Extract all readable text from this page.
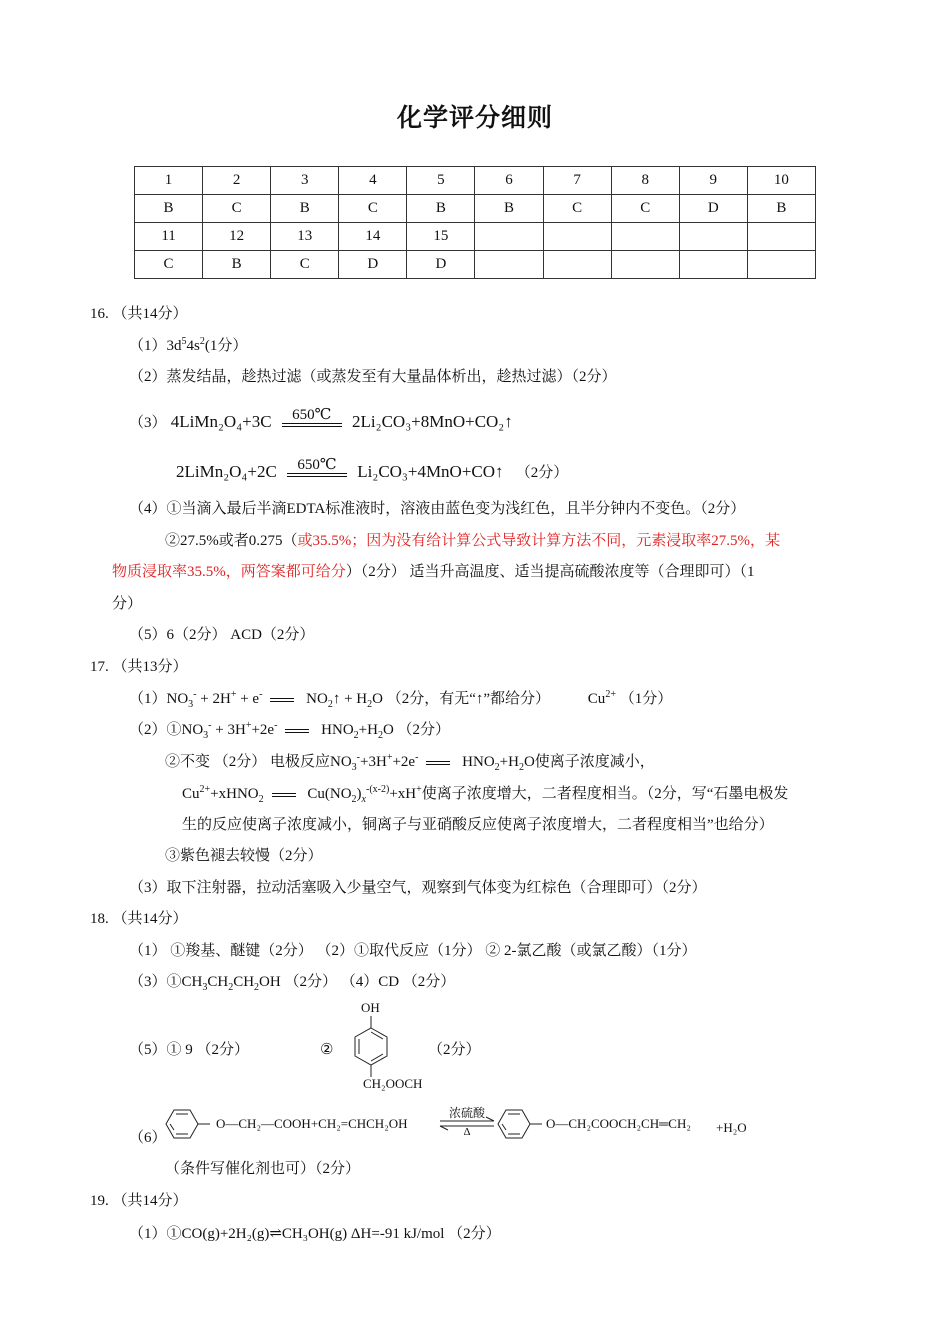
化学评分细则
1	2	3	4	5	6	7	8	9	10
B	C	B	C	B	B	C	C	D	B
11	12	13	14	15					
C	B	C	D	D					
16. （共14分）
$(1)3d^54s^2(1$分）
（2）蒸发结晶，趁热过滤（或蒸发至有大量晶体析出，趁热过滤）（2分）
（3） 4LiMn₂O₄+3C	650℃	2Li₂CO₃+8MnO+CO₂↑
2LiMn₂O₄+2C	650℃	Li₂CO₃+4MnO+CO↑ （2分）
（4）①当滴入最后半滴EDTA标准液时，溶液由蓝色变为浅红色，且半分钟内不变色。（2分）
②27.5%或者0.275（或35.5%；因为没有给计算公式导致计算方法不同，元素浸取率27.5%，某
物质浸取率35.5%，两答案都可给分）（2分） 适当升高温度、适当提高硫酸浓度等（合理即可）（1
分）
（5）6（2分） ACD（2分）
17. （共13分）
$(1)NO_3^- + 2H^+ + e^-$	$NO_2↑ + H_2O$ （2分，有无“↑”都给分）	$Cu^{2+}$ （1分）
$(2)①NO_3^- + 3H^++2e^-$	$HNO_2+H_2O$ （2分）
②不变 （2分） 电极反应$NO_3^-+3H^++2e^-$	$HNO_2+H_2O$使离子浓度减小，
$Cu^{2+}+xHNO_2$	$Cu(NO_2)_x^{-(x-2)}+xH^+$使离子浓度增大，二者程度相当。（2分，写“石墨电极发
生的反应使离子浓度减小，铜离子与亚硝酸反应使离子浓度增大，二者程度相当”也给分）
③紫色褪去较慢（2分）
（3）取下注射器，拉动活塞吸入少量空气，观察到气体变为红棕色（合理即可）（2分）
18. （共14分）
（1） ①羧基、醚键（2分） （2）①取代反应（1分） ② 2-氯乙酸（或氯乙酸）（1分）
$(3)①CH_3CH_2CH_2OH$ （2分） （4）CD （2分）
（5）① 9 （2分）	②
OH
CH₂OOCH
（2分）
（6）
O—CH₂—COOH+CH₂=CHCH₂OH
浓硫酸
Δ
O—CH₂COOCH₂CH═CH₂ +H₂O
（条件写催化剂也可）（2分）
19. （共14分）
（1）①CO(g)+2H₂(g)⇌CH₃OH(g) ΔH=-91 kJ/mol （2分）
